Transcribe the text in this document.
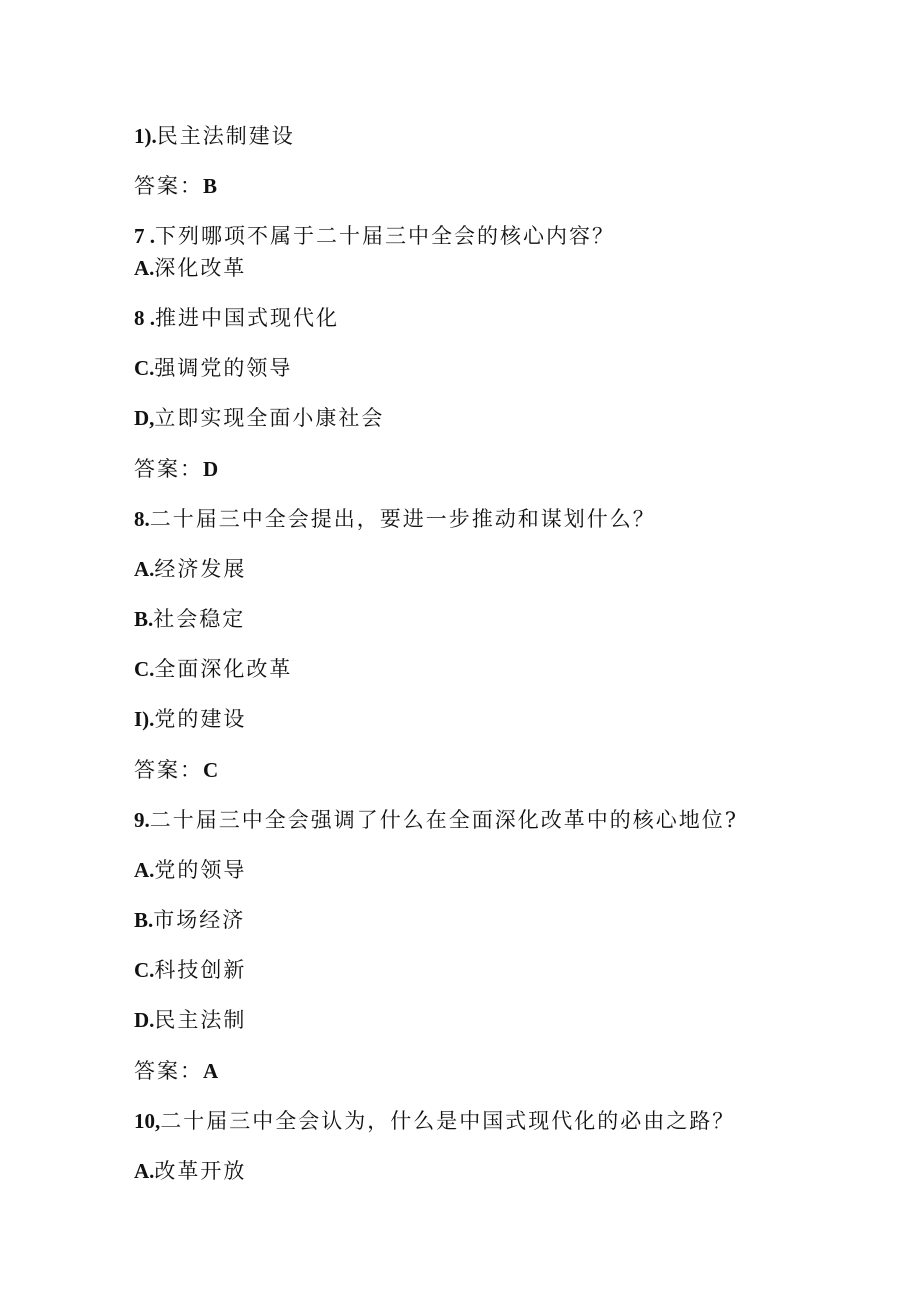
1).民主法制建设
答案：B
7 .下列哪项不属于二十届三中全会的核心内容？
A.深化改革
8 .推进中国式现代化
C.强调党的领导
D,立即实现全面小康社会
答案：D
8.二十届三中全会提出，要进一步推动和谋划什么？
A.经济发展
B.社会稳定
C.全面深化改革
I).党的建设
答案：C
9.二十届三中全会强调了什么在全面深化改革中的核心地位?
A.党的领导
B.市场经济
C.科技创新
D.民主法制
答案：A
10,二十届三中全会认为，什么是中国式现代化的必由之路？
A.改革开放
